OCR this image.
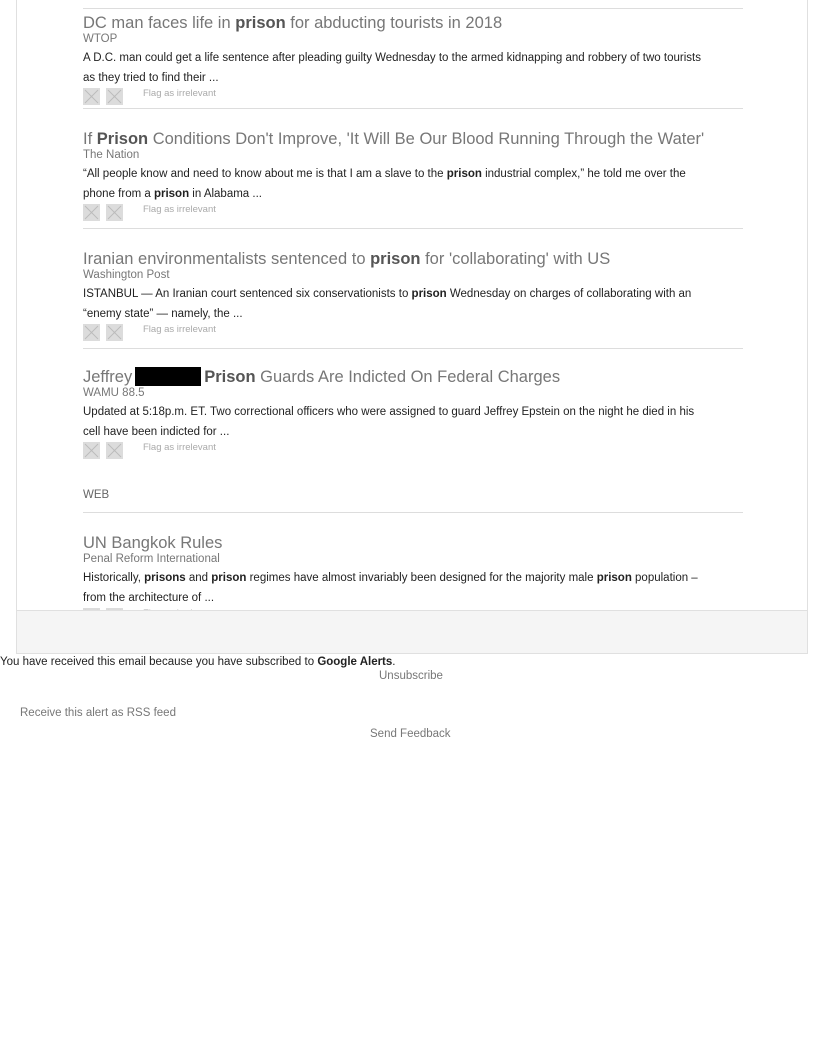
DC man faces life in prison for abducting tourists in 2018
WTOP
A D.C. man could get a life sentence after pleading guilty Wednesday to the armed kidnapping and robbery of two tourists
as they tried to find their ...
Flag as irrelevant
If Prison Conditions Don't Improve, 'It Will Be Our Blood Running Through the Water'
The Nation
“All people know and need to know about me is that I am a slave to the prison industrial complex,” he told me over the
phone from a prison in Alabama ...
Flag as irrelevant
Iranian environmentalists sentenced to prison for 'collaborating' with US
Washington Post
ISTANBUL — An Iranian court sentenced six conservationists to prison Wednesday on charges of collaborating with an
“enemy state” — namely, the ...
Flag as irrelevant
Jeffrey	Prison Guards Are Indicted On Federal Charges
WAMU 88.5
Updated at 5:18p.m. ET. Two correctional officers who were assigned to guard Jeffrey Epstein on the night he died in his
cell have been indicted for ...
Flag as irrelevant
WEB
UN Bangkok Rules
Penal Reform International
Historically, prisons and prison regimes have almost invariably been designed for the majority male prison population –
from the architecture of ...
You have received this email because you have subscribed to Google Alerts.
Unsubscribe
Receive this alert as RSS feed
Send Feedback
